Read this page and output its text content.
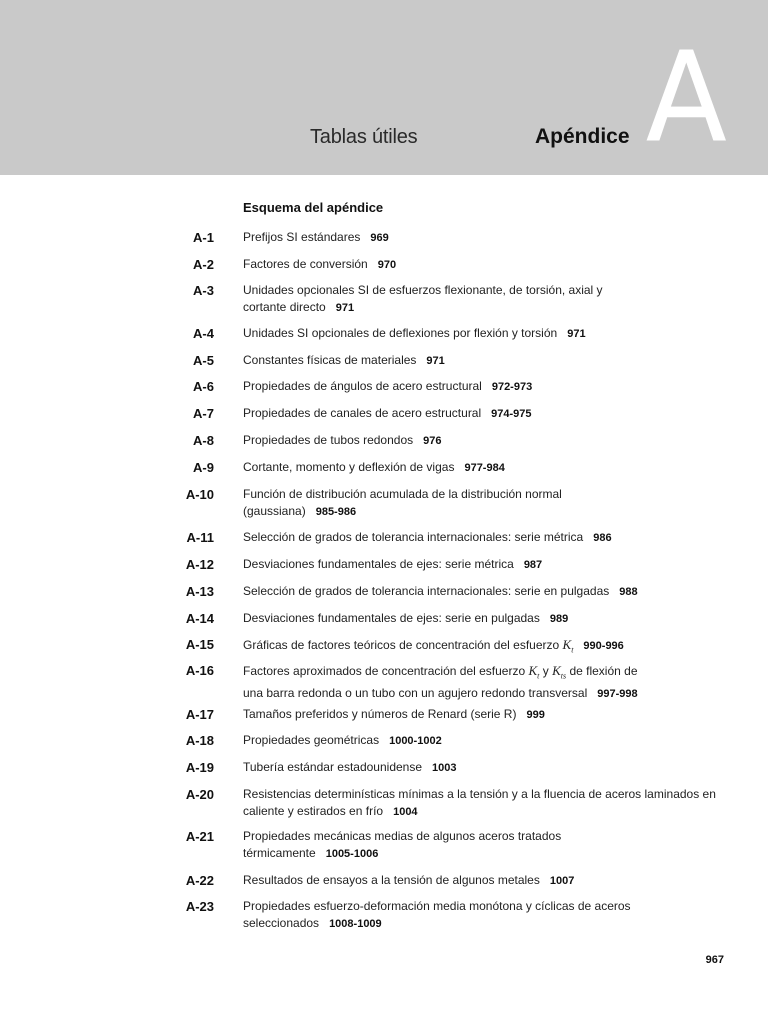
Tablas útiles	Apéndice A
Esquema del apéndice
A-1 Prefijos SI estándares 969
A-2 Factores de conversión 970
A-3 Unidades opcionales SI de esfuerzos flexionante, de torsión, axial y
cortante directo 971
A-4 Unidades SI opcionales de deflexiones por flexión y torsión 971
A-5 Constantes físicas de materiales 971
A-6 Propiedades de ángulos de acero estructural 972-973
A-7 Propiedades de canales de acero estructural 974-975
A-8 Propiedades de tubos redondos 976
A-9 Cortante, momento y deflexión de vigas 977-984
A-10 Función de distribución acumulada de la distribución normal
(gaussiana) 985-986
A-11 Selección de grados de tolerancia internacionales: serie métrica 986
A-12 Desviaciones fundamentales de ejes: serie métrica 987
A-13 Selección de grados de tolerancia internacionales: serie en pulgadas 988
A-14 Desviaciones fundamentales de ejes: serie en pulgadas 989
A-15 Gráficas de factores teóricos de concentración del esfuerzo $K_t$ 990-996
A-16 Factores aproximados de concentración del esfuerzo $K_t$ y $K_{ts}$ de flexión de
una barra redonda o un tubo con un agujero redondo transversal 997-998
A-17 Tamaños preferidos y números de Renard (serie R) 999
A-18 Propiedades geométricas 1000-1002
A-19 Tubería estándar estadounidense 1003
A-20 Resistencias determinísticas mínimas a la tensión y a la fluencia de aceros laminados en
caliente y estirados en frío 1004
A-21 Propiedades mecánicas medias de algunos aceros tratados
térmicamente 1005-1006
A-22 Resultados de ensayos a la tensión de algunos metales 1007
A-23 Propiedades esfuerzo-deformación media monótona y cíclicas de aceros
seleccionados 1008-1009
967
